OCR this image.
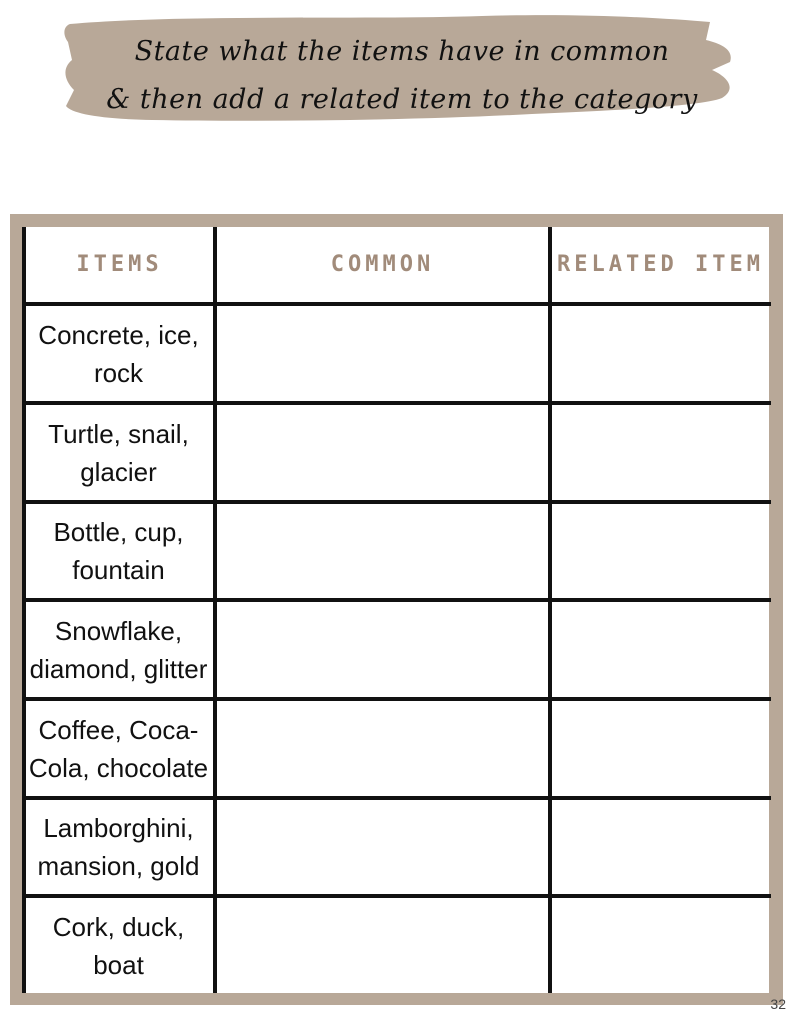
State what the items have in common
& then add a related item to the category
ITEMS	COMMON	RELATED ITEM
Concrete, ice,
rock
Turtle, snail,
glacier
Bottle, cup,
fountain
Snowflake,
diamond, glitter
Coffee, Coca-
Cola, chocolate
Lamborghini,
mansion, gold
Cork, duck,
boat
32
